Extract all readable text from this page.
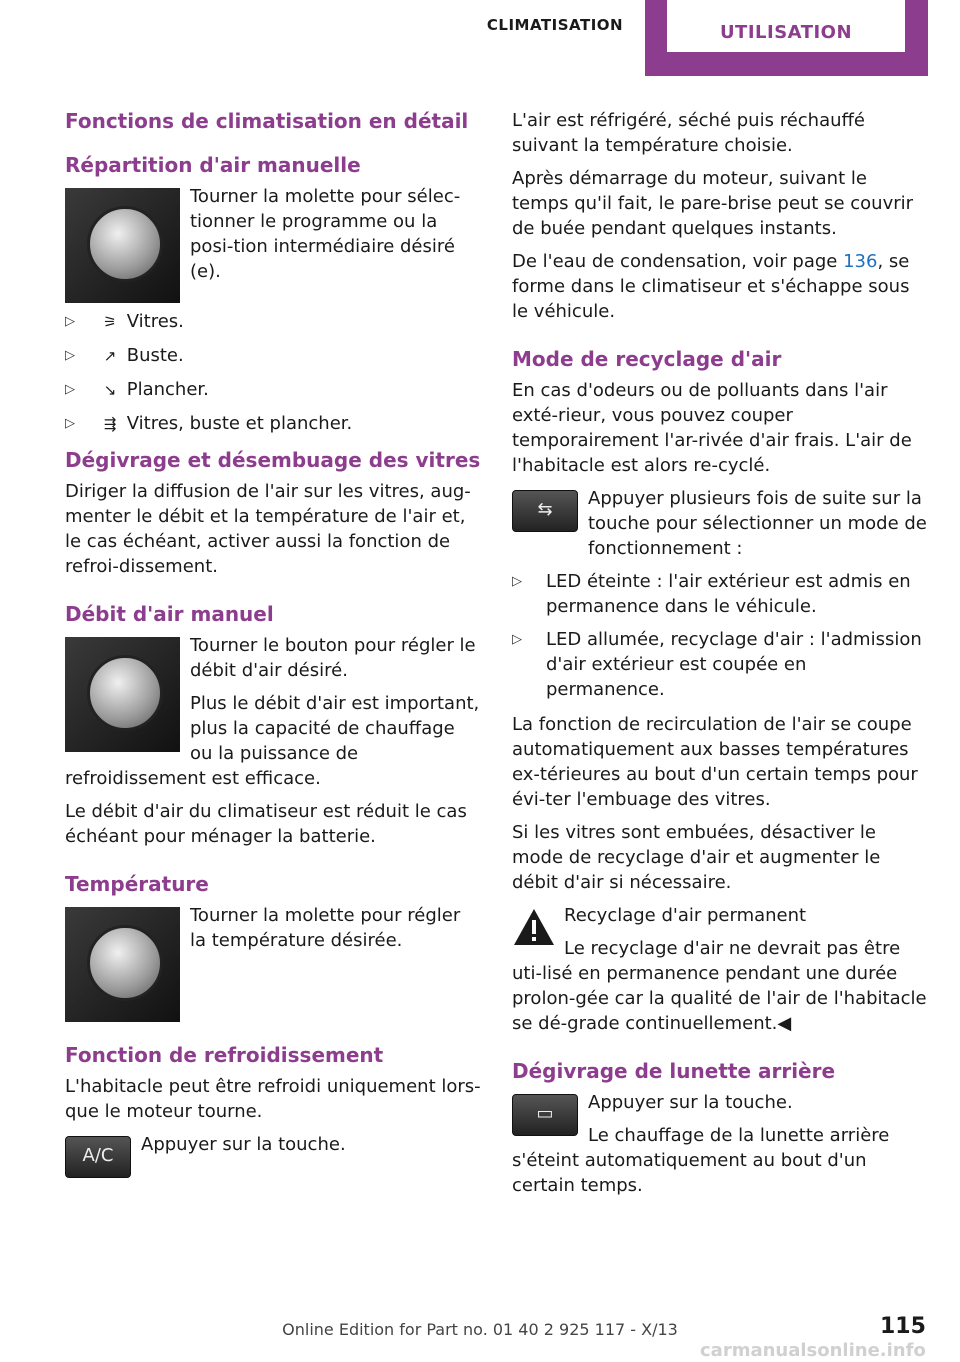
CLIMATISATION	UTILISATION
Fonctions de climatisation en détail
Répartition d'air manuelle

Tourner la molette pour sélec-tionner le programme ou la posi-tion intermédiaire désiré (e).

▷ ⚞ Vitres.
▷ ↗ Buste.
▷ ↘ Plancher.
▷ ⇶ Vitres, buste et plancher.
Dégivrage et désembuage des vitres

Diriger la diffusion de l'air sur les vitres, aug-menter le débit et la température de l'air et, le cas échéant, activer aussi la fonction de refroi-dissement.

Débit d'air manuel

Tourner le bouton pour régler le débit d'air désiré.

Plus le débit d'air est important, plus la capacité de chauffage ou la puissance de refroidissement est efficace.

Le débit d'air du climatiseur est réduit le cas échéant pour ménager la batterie.

Température

Tourner la molette pour régler la température désirée.

Fonction de refroidissement

L'habitacle peut être refroidi uniquement lors-que le moteur tourne.

A/C

Appuyer sur la touche.

L'air est réfrigéré, séché puis réchauffé suivant la température choisie.

Après démarrage du moteur, suivant le temps qu'il fait, le pare-brise peut se couvrir de buée pendant quelques instants.

De l'eau de condensation, voir page 136, se forme dans le climatiseur et s'échappe sous le véhicule.

Mode de recyclage d'air

En cas d'odeurs ou de polluants dans l'air exté-rieur, vous pouvez couper temporairement l'ar-rivée d'air frais. L'air de l'habitacle est alors re-cyclé.

⇆

Appuyer plusieurs fois de suite sur la touche pour sélectionner un mode de fonctionnement :

▷ LED éteinte : l'air extérieur est admis en permanence dans le véhicule.
▷ LED allumée, recyclage d'air : l'admission d'air extérieur est coupée en permanence.

La fonction de recirculation de l'air se coupe automatiquement aux basses températures ex-térieures au bout d'un certain temps pour évi-ter l'embuage des vitres.

Si les vitres sont embuées, désactiver le mode de recyclage d'air et augmenter le débit d'air si nécessaire.

Recyclage d'air permanent

Le recyclage d'air ne devrait pas être uti-lisé en permanence pendant une durée prolon-gée car la qualité de l'air de l'habitacle se dé-grade continuellement.◀

Dégivrage de lunette arrière
▭

Appuyer sur la touche.

Le chauffage de la lunette arrière s'éteint automatiquement au bout d'un certain temps.

115
Online Edition for Part no. 01 40 2 925 117 - X/13
carmanualsonline.info
